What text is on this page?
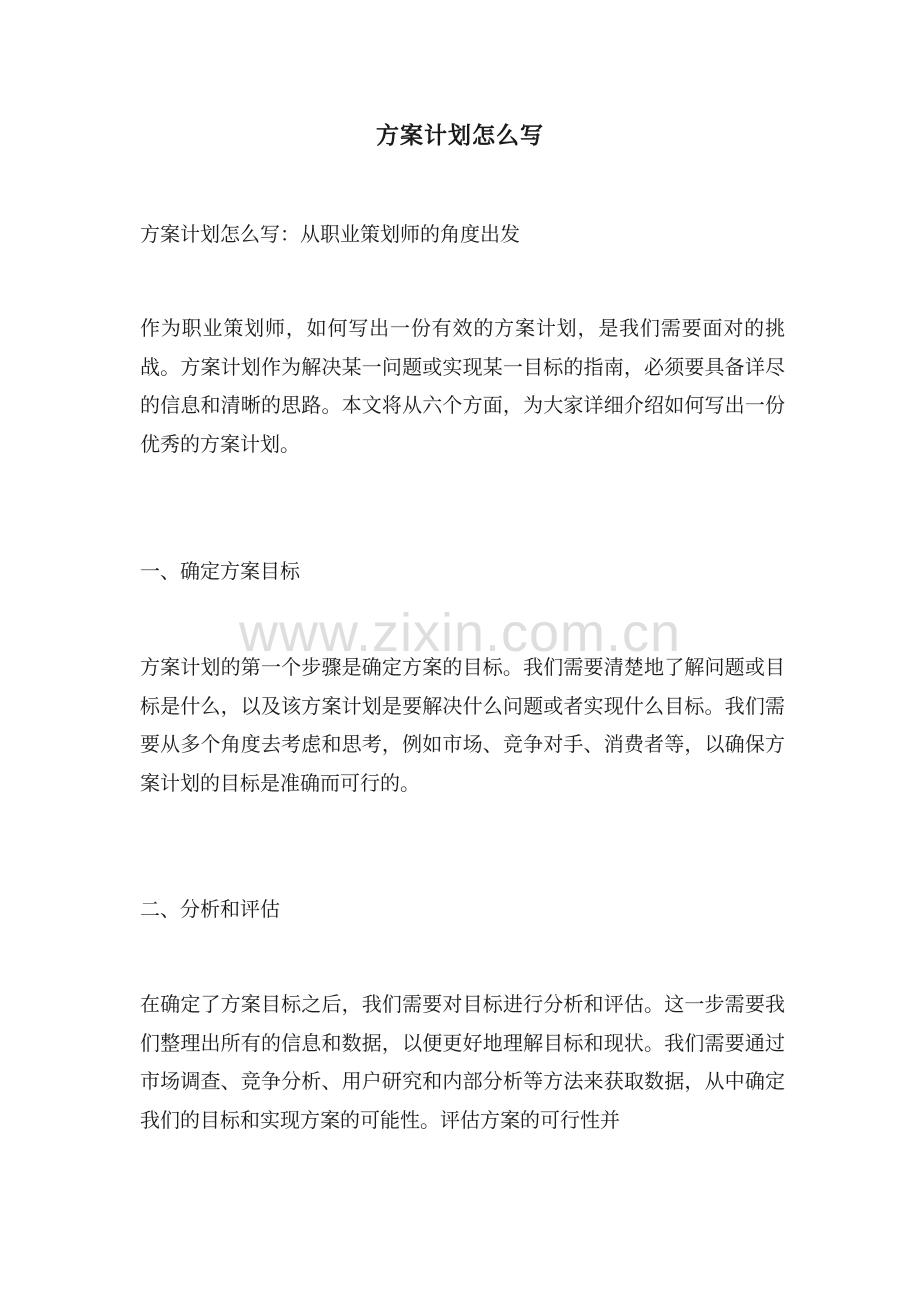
方案计划怎么写
方案计划怎么写：从职业策划师的角度出发
作为职业策划师，如何写出一份有效的方案计划，是我们需要面对的挑战。方案计划作为解决某一问题或实现某一目标的指南，必须要具备详尽的信息和清晰的思路。本文将从六个方面，为大家详细介绍如何写出一份优秀的方案计划。
一、确定方案目标
方案计划的第一个步骤是确定方案的目标。我们需要清楚地了解问题或目标是什么，以及该方案计划是要解决什么问题或者实现什么目标。我们需要从多个角度去考虑和思考，例如市场、竞争对手、消费者等，以确保方案计划的目标是准确而可行的。
二、分析和评估
在确定了方案目标之后，我们需要对目标进行分析和评估。这一步需要我们整理出所有的信息和数据，以便更好地理解目标和现状。我们需要通过市场调查、竞争分析、用户研究和内部分析等方法来获取数据，从中确定我们的目标和实现方案的可能性。评估方案的可行性并
www.zixin.com.cn
